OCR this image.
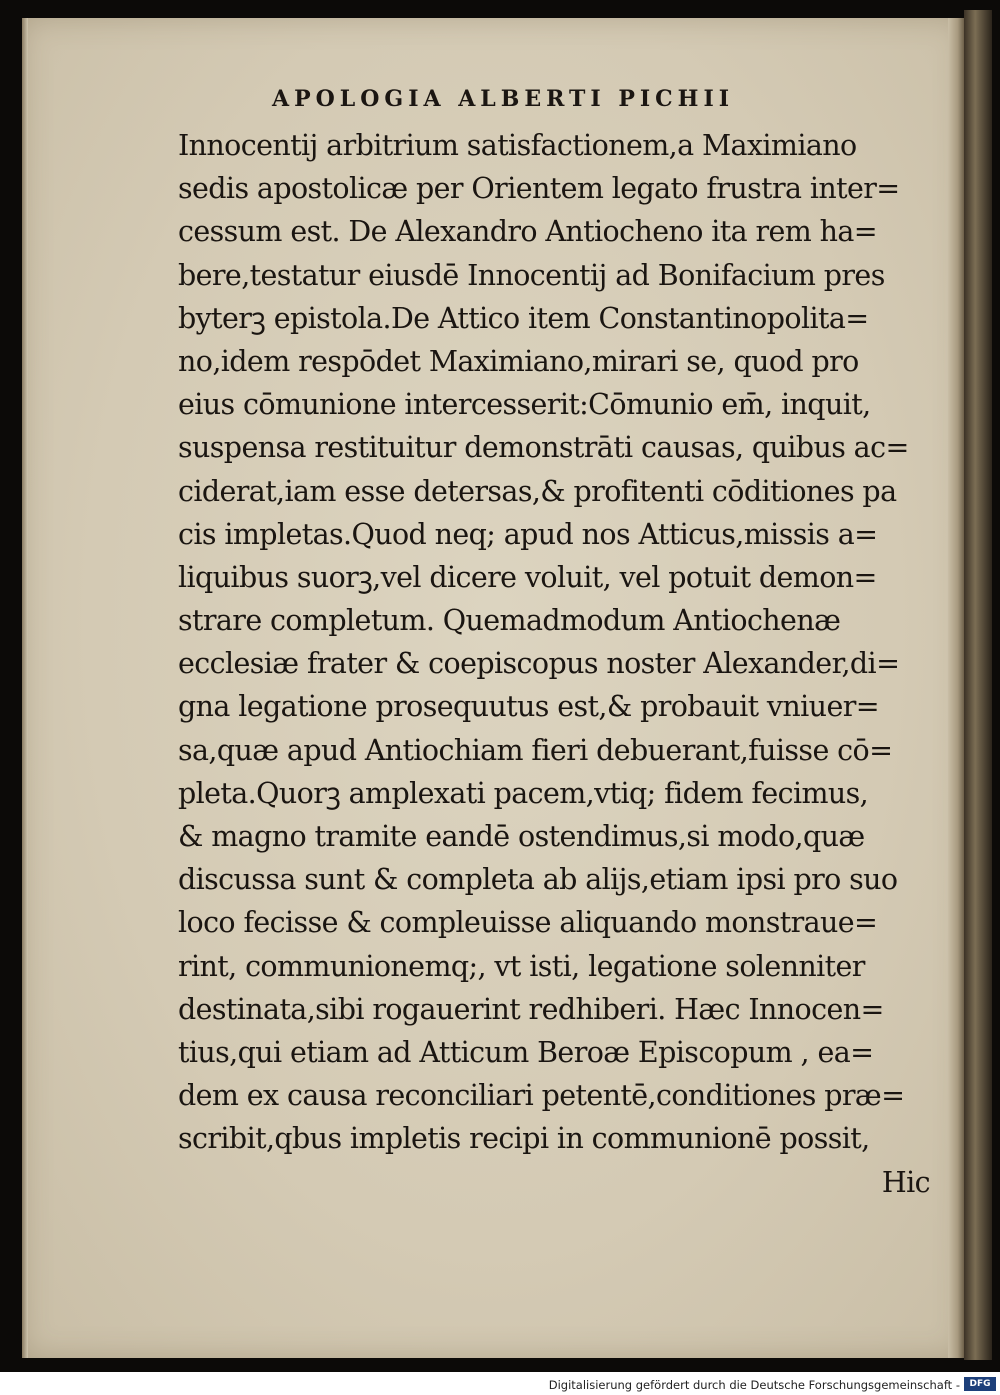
APOLOGIA ALBERTI PICHII
Innocentij arbitrium satisfactionem,a Maximiano
sedis apostolicæ per Orientem legato frustra inter=
cessum est. De Alexandro Antiocheno ita rem ha=
bere,testatur eiusdē Innocentij ad Bonifacium pres
byterꝫ epistola.De Attico item Constantinopolita=
no,idem respōdet Maximiano,mirari se, quod pro
eius cōmunione intercesserit:Cōmunio em̄, inquit,
suspensa restituitur demonstrāti causas, quibus ac=
ciderat,iam esse detersas,& profitenti cōditiones pa
cis impletas.Quod neq; apud nos Atticus,missis a=
liquibus suorꝫ,vel dicere voluit, vel potuit demon=
strare completum. Quemadmodum Antiochenæ
ecclesiæ frater & coepiscopus noster Alexander,di=
gna legatione prosequutus est,& probauit vniuer=
sa,quæ apud Antiochiam fieri debuerant,fuisse cō=
pleta.Quorꝫ amplexati pacem,vtiq; fidem fecimus,
& magno tramite eandē ostendimus,si modo,quæ
discussa sunt & completa ab alijs,etiam ipsi pro suo
loco fecisse & compleuisse aliquando monstraue=
rint, communionemq;, vt isti, legatione solenniter
destinata,sibi rogauerint redhiberi. Hæc Innocen=
tius,qui etiam ad Atticum Beroæ Episcopum , ea=
dem ex causa reconciliari petentē,conditiones præ=
scribit,qbus impletis recipi in communionē possit,
Hic
Digitalisierung gefördert durch die Deutsche Forschungsgemeinschaft -	DFG
